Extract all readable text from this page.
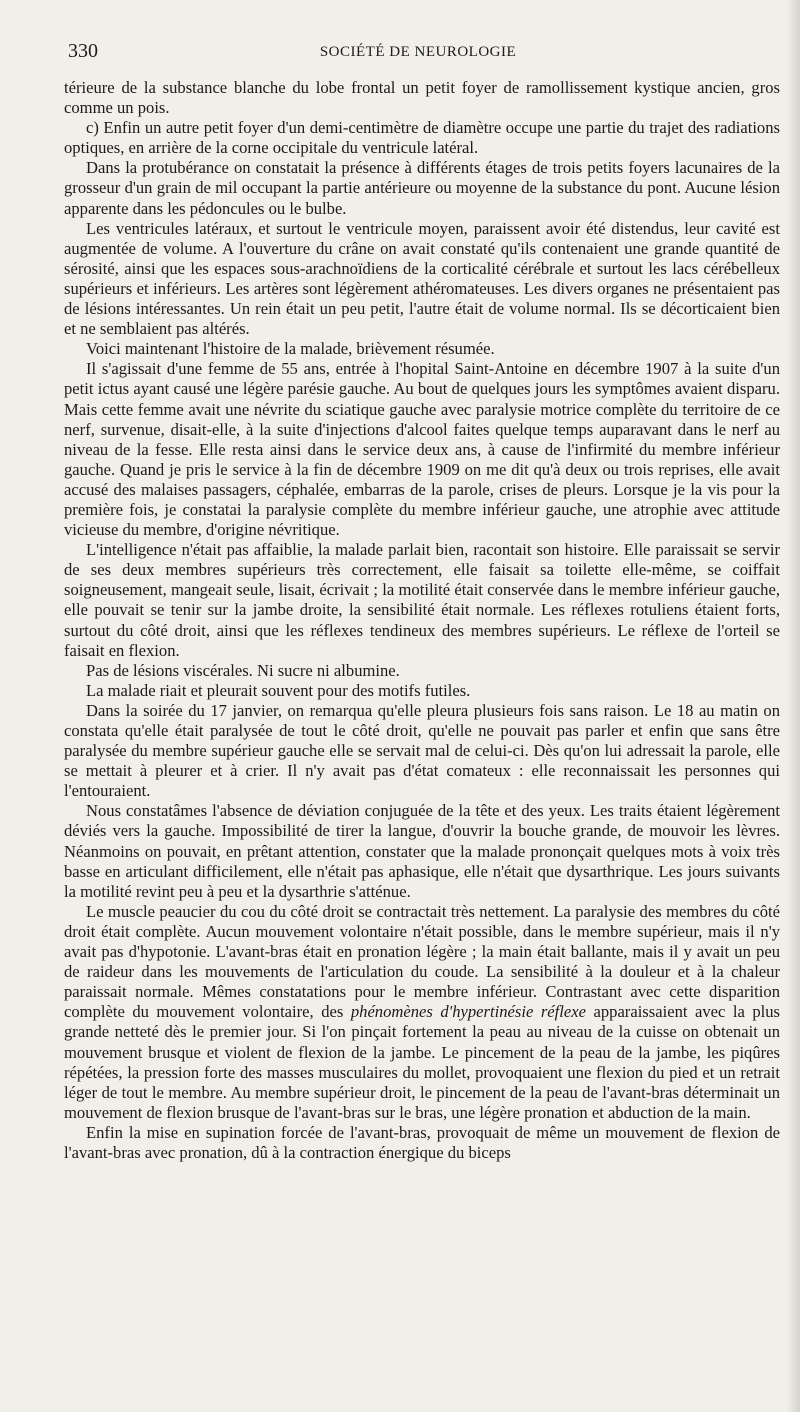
330	SOCIÉTÉ DE NEUROLOGIE

térieure de la substance blanche du lobe frontal un petit foyer de ramollissement kystique ancien, gros comme un pois.

c) Enfin un autre petit foyer d'un demi-centimètre de diamètre occupe une partie du trajet des radiations optiques, en arrière de la corne occipitale du ventricule latéral.

Dans la protubérance on constatait la présence à différents étages de trois petits foyers lacunaires de la grosseur d'un grain de mil occupant la partie antérieure ou moyenne de la substance du pont. Aucune lésion apparente dans les pédoncules ou le bulbe.

Les ventricules latéraux, et surtout le ventricule moyen, paraissent avoir été distendus, leur cavité est augmentée de volume. A l'ouverture du crâne on avait constaté qu'ils contenaient une grande quantité de sérosité, ainsi que les espaces sous-arachnoïdiens de la corticalité cérébrale et surtout les lacs cérébelleux supérieurs et inférieurs. Les artères sont légèrement athéromateuses. Les divers organes ne présentaient pas de lésions intéressantes. Un rein était un peu petit, l'autre était de volume normal. Ils se décorticaient bien et ne semblaient pas altérés.

Voici maintenant l'histoire de la malade, brièvement résumée.

Il s'agissait d'une femme de 55 ans, entrée à l'hopital Saint-Antoine en décembre 1907 à la suite d'un petit ictus ayant causé une légère parésie gauche. Au bout de quelques jours les symptômes avaient disparu. Mais cette femme avait une névrite du sciatique gauche avec paralysie motrice complète du territoire de ce nerf, survenue, disait-elle, à la suite d'injections d'alcool faites quelque temps auparavant dans le nerf au niveau de la fesse. Elle resta ainsi dans le service deux ans, à cause de l'infirmité du membre inférieur gauche. Quand je pris le service à la fin de décembre 1909 on me dit qu'à deux ou trois reprises, elle avait accusé des malaises passagers, céphalée, embarras de la parole, crises de pleurs. Lorsque je la vis pour la première fois, je constatai la paralysie complète du membre inférieur gauche, une atrophie avec attitude vicieuse du membre, d'origine névritique.

L'intelligence n'était pas affaiblie, la malade parlait bien, racontait son histoire. Elle paraissait se servir de ses deux membres supérieurs très correctement, elle faisait sa toilette elle-même, se coiffait soigneusement, mangeait seule, lisait, écrivait ; la motilité était conservée dans le membre inférieur gauche, elle pouvait se tenir sur la jambe droite, la sensibilité était normale. Les réflexes rotuliens étaient forts, surtout du côté droit, ainsi que les réflexes tendineux des membres supérieurs. Le réflexe de l'orteil se faisait en flexion.

Pas de lésions viscérales. Ni sucre ni albumine.

La malade riait et pleurait souvent pour des motifs futiles.

Dans la soirée du 17 janvier, on remarqua qu'elle pleura plusieurs fois sans raison. Le 18 au matin on constata qu'elle était paralysée de tout le côté droit, qu'elle ne pouvait pas parler et enfin que sans être paralysée du membre supérieur gauche elle se servait mal de celui-ci. Dès qu'on lui adressait la parole, elle se mettait à pleurer et à crier. Il n'y avait pas d'état comateux : elle reconnaissait les personnes qui l'entouraient.

Nous constatâmes l'absence de déviation conjuguée de la tête et des yeux. Les traits étaient légèrement déviés vers la gauche. Impossibilité de tirer la langue, d'ouvrir la bouche grande, de mouvoir les lèvres. Néanmoins on pouvait, en prêtant attention, constater que la malade prononçait quelques mots à voix très basse en articulant difficilement, elle n'était pas aphasique, elle n'était que dysarthrique. Les jours suivants la motilité revint peu à peu et la dysarthrie s'atténue.

Le muscle peaucier du cou du côté droit se contractait très nettement. La paralysie des membres du côté droit était complète. Aucun mouvement volontaire n'était possible, dans le membre supérieur, mais il n'y avait pas d'hypotonie. L'avant-bras était en pronation légère ; la main était ballante, mais il y avait un peu de raideur dans les mouvements de l'articulation du coude. La sensibilité à la douleur et à la chaleur paraissait normale. Mêmes constatations pour le membre inférieur. Contrastant avec cette disparition complète du mouvement volontaire, des phénomènes d'hypertinésie réflexe apparaissaient avec la plus grande netteté dès le premier jour. Si l'on pinçait fortement la peau au niveau de la cuisse on obtenait un mouvement brusque et violent de flexion de la jambe. Le pincement de la peau de la jambe, les piqûres répétées, la pression forte des masses musculaires du mollet, provoquaient une flexion du pied et un retrait léger de tout le membre. Au membre supérieur droit, le pincement de la peau de l'avant-bras déterminait un mouvement de flexion brusque de l'avant-bras sur le bras, une légère pronation et abduction de la main.

Enfin la mise en supination forcée de l'avant-bras, provoquait de même un mouvement de flexion de l'avant-bras avec pronation, dû à la contraction énergique du biceps
